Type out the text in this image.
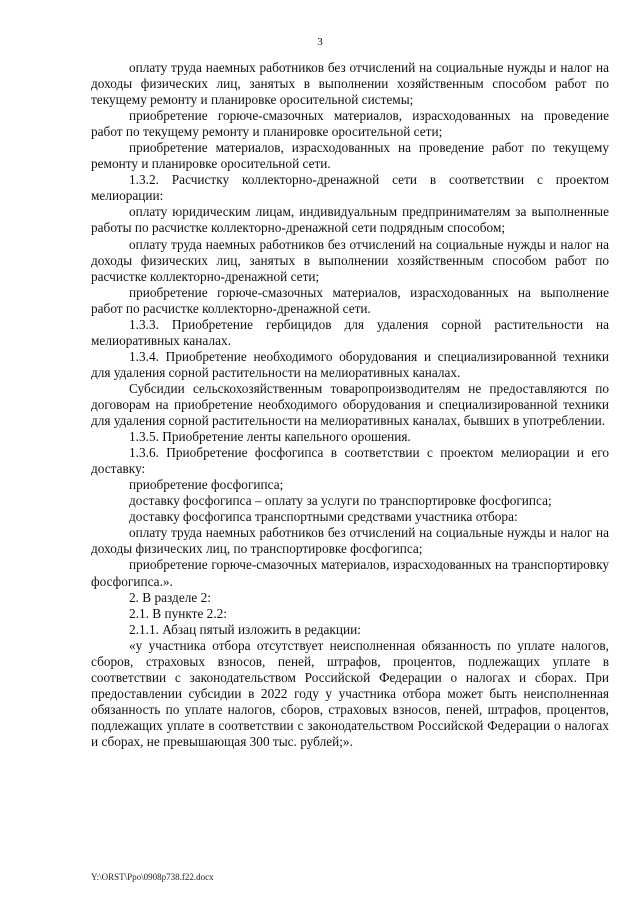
3

оплату труда наемных работников без отчислений на социальные нужды и налог на доходы физических лиц, занятых в выполнении хозяйственным способом работ по текущему ремонту и планировке оросительной системы;

приобретение горюче-смазочных материалов, израсходованных на проведение работ по текущему ремонту и планировке оросительной сети;

приобретение материалов, израсходованных на проведение работ по текущему ремонту и планировке оросительной сети.

1.3.2. Расчистку коллекторно-дренажной сети в соответствии с проектом мелиорации:

оплату юридическим лицам, индивидуальным предпринимателям за выполненные работы по расчистке коллекторно-дренажной сети подрядным способом;

оплату труда наемных работников без отчислений на социальные нужды и налог на доходы физических лиц, занятых в выполнении хозяйственным способом работ по расчистке коллекторно-дренажной сети;

приобретение горюче-смазочных материалов, израсходованных на выполнение работ по расчистке коллекторно-дренажной сети.

1.3.3. Приобретение гербицидов для удаления сорной растительности на мелиоративных каналах.

1.3.4. Приобретение необходимого оборудования и специализированной техники для удаления сорной растительности на мелиоративных каналах.

Субсидии сельскохозяйственным товаропроизводителям не предоставляются по договорам на приобретение необходимого оборудования и специализированной техники для удаления сорной растительности на мелиоративных каналах, бывших в употреблении.

1.3.5. Приобретение ленты капельного орошения.

1.3.6. Приобретение фосфогипса в соответствии с проектом мелиорации и его доставку:

приобретение фосфогипса;

доставку фосфогипса – оплату за услуги по транспортировке фосфогипса;

доставку фосфогипса транспортными средствами участника отбора:

оплату труда наемных работников без отчислений на социальные нужды и налог на доходы физических лиц, по транспортировке фосфогипса;

приобретение горюче-смазочных материалов, израсходованных на транспортировку фосфогипса.».

2. В разделе 2:

2.1. В пункте 2.2:

2.1.1. Абзац пятый изложить в редакции:

«у участника отбора отсутствует неисполненная обязанность по уплате налогов, сборов, страховых взносов, пеней, штрафов, процентов, подлежащих уплате в соответствии с законодательством Российской Федерации о налогах и сборах. При предоставлении субсидии в 2022 году у участника отбора может быть неисполненная обязанность по уплате налогов, сборов, страховых взносов, пеней, штрафов, процентов, подлежащих уплате в соответствии с законодательством Российской Федерации о налогах и сборах, не превышающая 300 тыс. рублей;».

Y:\ORST\Ppo\0908p738.f22.docx
